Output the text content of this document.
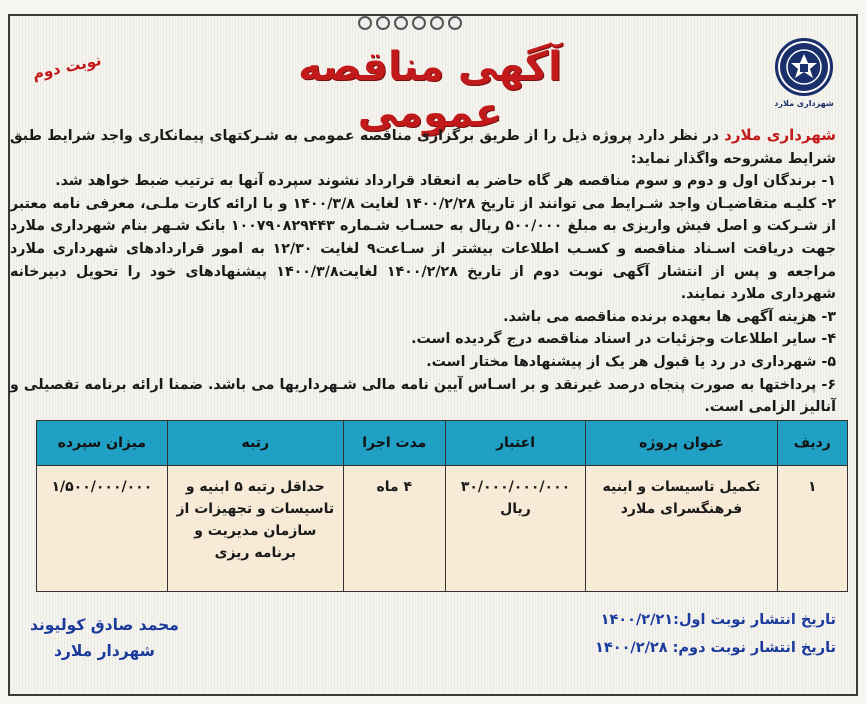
شهرداری ملارد
آگهی مناقصه عمومی
نوبت دوم

شهرداری ملارد در نظر دارد پروژه ذیل را از طریق برگزاری مناقصه عمومی به شـرکتهای پیمانکاری واجد شرایط طبق شرایط مشروحه واگذار نماید:

۱- برندگان اول و دوم و سوم مناقصه هر گاه حاضر به انعقاد قرارداد نشوند سپرده آنها به ترتیب ضبط خواهد شد.

۲- کلیـه متقاضیـان واجد شـرایط می توانند از تاریخ ۱۴۰۰/۲/۲۸ لغایت ۱۴۰۰/۳/۸ و با ارائه کارت ملـی، معرفی نامه معتبر از شـرکت و اصل فیش واریزی به مبلغ ۵۰۰/۰۰۰ ریال به حسـاب شـماره ۱۰۰۷۹۰۸۲۹۴۴۳ بانک شـهر بنام شهرداری ملارد جهت دریافت اسـناد مناقصه و کسـب اطلاعات بیشتر از سـاعت۹ لغایت ۱۲/۳۰ به امور قراردادهای شهرداری ملارد مراجعه و پس از انتشار آگهی نوبت دوم از تاریخ ۱۴۰۰/۲/۲۸ لغایت۱۴۰۰/۳/۸ پیشنهادهای خود را تحویل دبیرخانه شهرداری ملارد نمایند.

۳- هزینه آگهی ها بعهده برنده مناقصه می باشد.

۴- سایر اطلاعات وجزئیات در اسناد مناقصه درج گردیده است.

۵- شهرداری در رد یا قبول هر یک از پیشنهادها مختار است.

۶- پرداختها به صورت پنجاه درصد غیرنقد و بر اسـاس آیین نامه مالی شـهرداریها می باشد. ضمنا ارائه برنامه تفصیلی و آنالیز الزامی است.

ردیف	عنوان پروژه	اعتبار	مدت اجرا	رتبه	میزان سپرده
۱	تکمیل تاسیسات و ابنیه فرهنگسرای ملارد	۳۰/۰۰۰/۰۰۰/۰۰۰ ریال	۴ ماه	حداقل رتبه ۵ ابنیه و تاسیسات و تجهیزات از سازمان مدیریت و برنامه ریزی	۱/۵۰۰/۰۰۰/۰۰۰
تاریخ انتشار نوبت اول:۱۴۰۰/۲/۲۱
تاریخ انتشار نوبت دوم: ۱۴۰۰/۲/۲۸
محمد صادق کولیوند
شهردار ملارد
